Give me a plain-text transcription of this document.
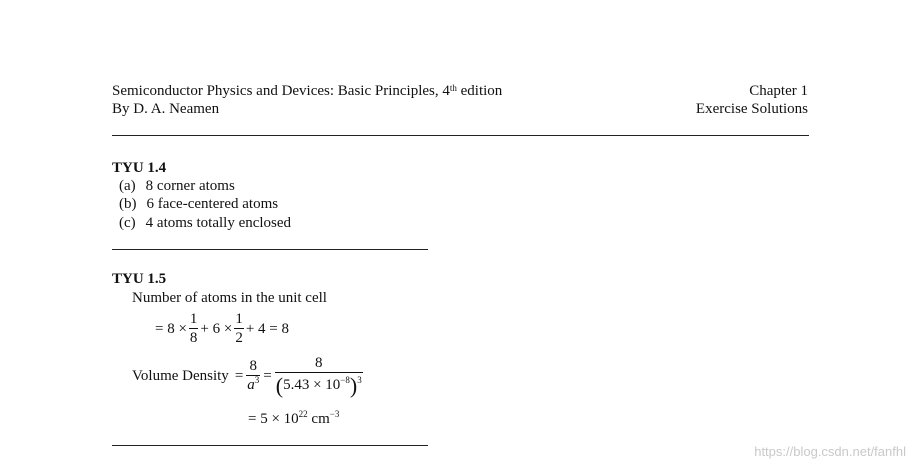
Semiconductor Physics and Devices: Basic Principles, 4th edition
By D. A. Neamen
Chapter 1
Exercise Solutions
TYU 1.4
(a) 8 corner atoms
(b) 6 face-centered atoms
(c) 4 atoms totally enclosed
TYU 1.5
Number of atoms in the unit cell
= $8 \times \frac{1}{8} + 6 \times \frac{1}{2} + 4 = 8$
Volume Density = $\frac{8}{a^3} = \frac{8}{(5.43 \times 10^{-8})^3}$
= $5 \times 10^{22}$ $cm^{-3}$
https://blog.csdn.net/fanfhl
